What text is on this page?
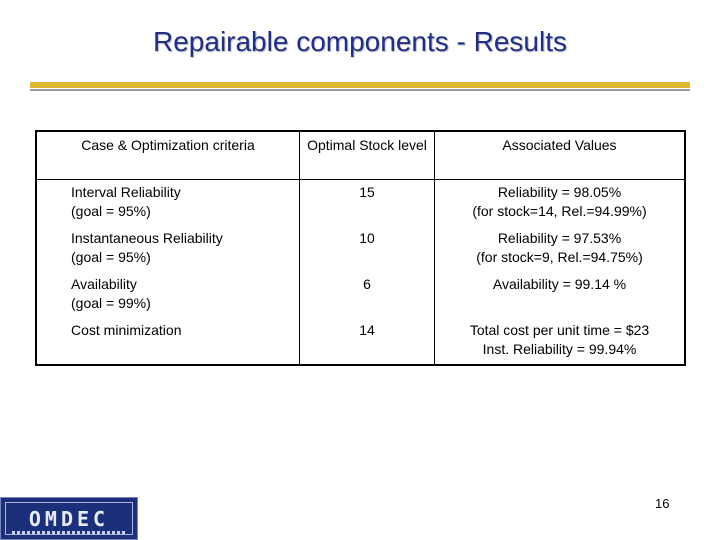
Repairable components - Results
Case & Optimization criteria	Optimal Stock level	Associated Values

Interval Reliability
(goal = 95%)	15	Reliability = 98.05%
(for stock=14, Rel.=94.99%)

Instantaneous Reliability
(goal = 95%)	10	Reliability = 97.53%
(for stock=9, Rel.=94.75%)

Availability
(goal = 99%)	6	Availability = 99.14 %

Cost minimization	14	Total cost per unit time = $23
Inst. Reliability = 99.94%
OMDEC
16
